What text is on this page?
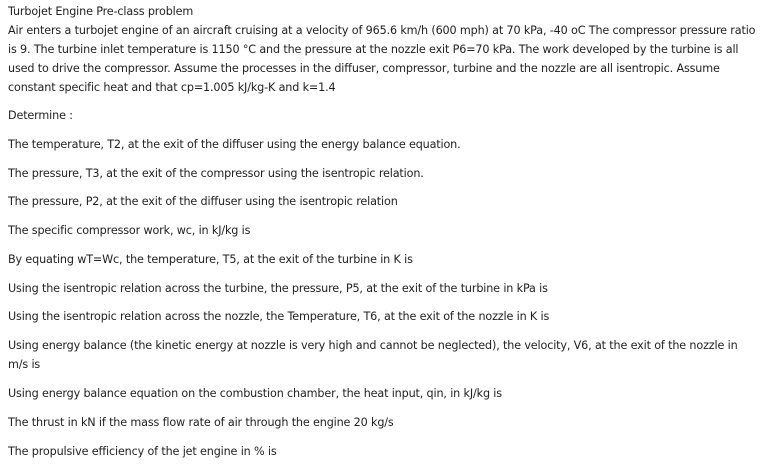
Turbojet Engine Pre-class problem

Air enters a turbojet engine of an aircraft cruising at a velocity of 965.6 km/h (600 mph) at 70 kPa, -40 oC The compressor pressure ratio is 9. The turbine inlet temperature is 1150 °C and the pressure at the nozzle exit P6=70 kPa. The work developed by the turbine is all used to drive the compressor. Assume the processes in the diffuser, compressor, turbine and the nozzle are all isentropic. Assume constant specific heat and that cp=1.005 kJ/kg-K and k=1.4

Determine :

The temperature, T2, at the exit of the diffuser using the energy balance equation.

The pressure, T3, at the exit of the compressor using the isentropic relation.

The pressure, P2, at the exit of the diffuser using the isentropic relation

The specific compressor work, wc, in kJ/kg is

By equating wT=Wc, the temperature, T5, at the exit of the turbine in K is

Using the isentropic relation across the turbine, the pressure, P5, at the exit of the turbine in kPa is

Using the isentropic relation across the nozzle, the Temperature, T6, at the exit of the nozzle in K is

Using energy balance (the kinetic energy at nozzle is very high and cannot be neglected), the velocity, V6, at the exit of the nozzle in m/s is

Using energy balance equation on the combustion chamber, the heat input, qin, in kJ/kg is

The thrust in kN if the mass flow rate of air through the engine 20 kg/s

The propulsive efficiency of the jet engine in % is
